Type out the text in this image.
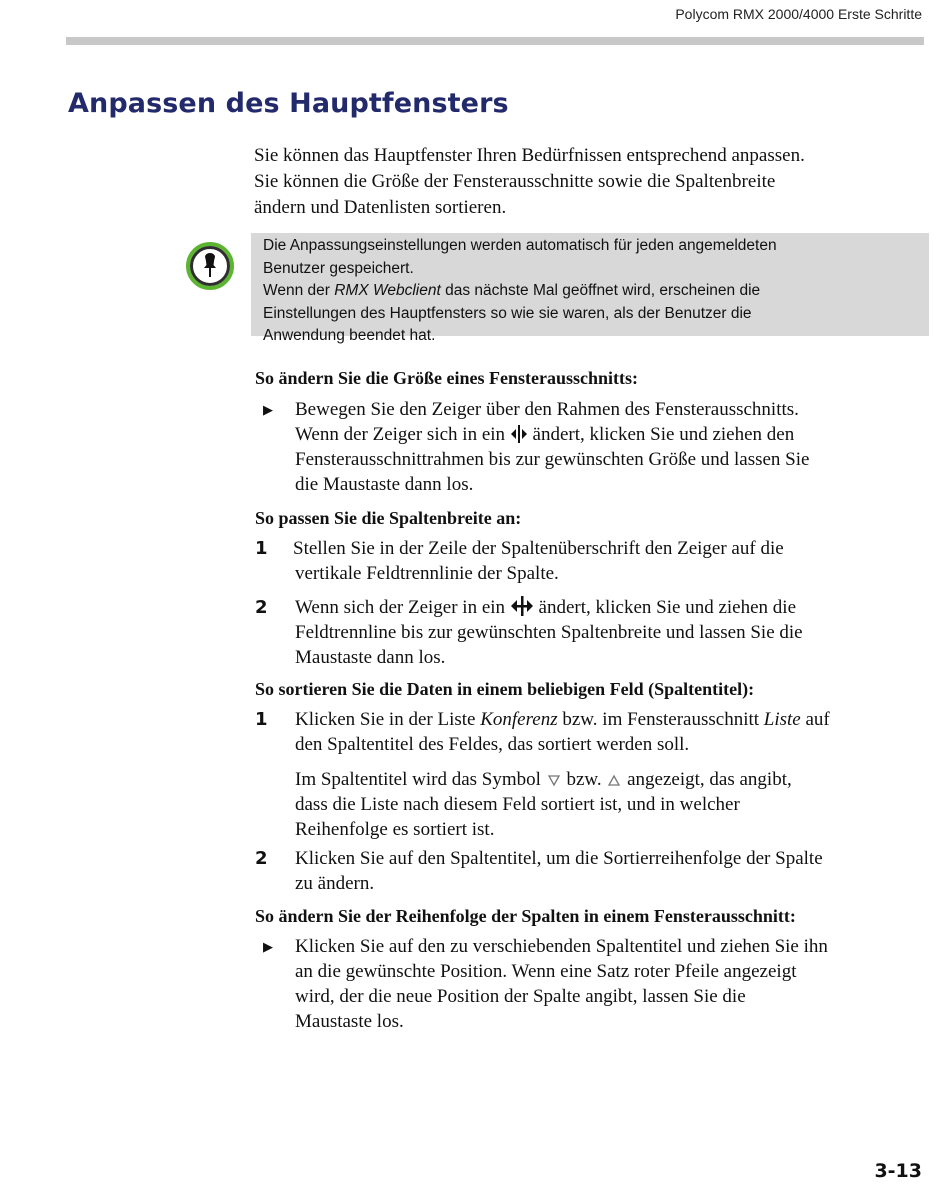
Polycom RMX 2000/4000 Erste Schritte
Anpassen des Hauptfensters
Sie können das Hauptfenster Ihren Bedürfnissen entsprechend anpassen.
Sie können die Größe der Fensterausschnitte sowie die Spaltenbreite
ändern und Datenlisten sortieren.
Die Anpassungseinstellungen werden automatisch für jeden angemeldeten
Benutzer gespeichert.
Wenn der RMX Webclient das nächste Mal geöffnet wird, erscheinen die
Einstellungen des Hauptfensters so wie sie waren, als der Benutzer die
Anwendung beendet hat.
So ändern Sie die Größe eines Fensterausschnitts:
▶	Bewegen Sie den Zeiger über den Rahmen des Fensterausschnitts.
Wenn der Zeiger sich in ein  ändert, klicken Sie und ziehen den
Fensterausschnittrahmen bis zur gewünschten Größe und lassen Sie
die Maustaste dann los.
So passen Sie die Spaltenbreite an:
1	Stellen Sie in der Zeile der Spaltenüberschrift den Zeiger auf die
vertikale Feldtrennlinie der Spalte.
2	Wenn sich der Zeiger in ein  ändert, klicken Sie und ziehen die
Feldtrennline bis zur gewünschten Spaltenbreite und lassen Sie die
Maustaste dann los.
So sortieren Sie die Daten in einem beliebigen Feld (Spaltentitel):
1	Klicken Sie in der Liste Konferenz bzw. im Fensterausschnitt Liste auf
den Spaltentitel des Feldes, das sortiert werden soll.
Im Spaltentitel wird das Symbol  bzw.  angezeigt, das angibt,
dass die Liste nach diesem Feld sortiert ist, und in welcher
Reihenfolge es sortiert ist.
2	Klicken Sie auf den Spaltentitel, um die Sortierreihenfolge der Spalte
zu ändern.
So ändern Sie der Reihenfolge der Spalten in einem Fensterausschnitt:
▶	Klicken Sie auf den zu verschiebenden Spaltentitel und ziehen Sie ihn
an die gewünschte Position. Wenn eine Satz roter Pfeile angezeigt
wird, der die neue Position der Spalte angibt, lassen Sie die
Maustaste los.
3-13
